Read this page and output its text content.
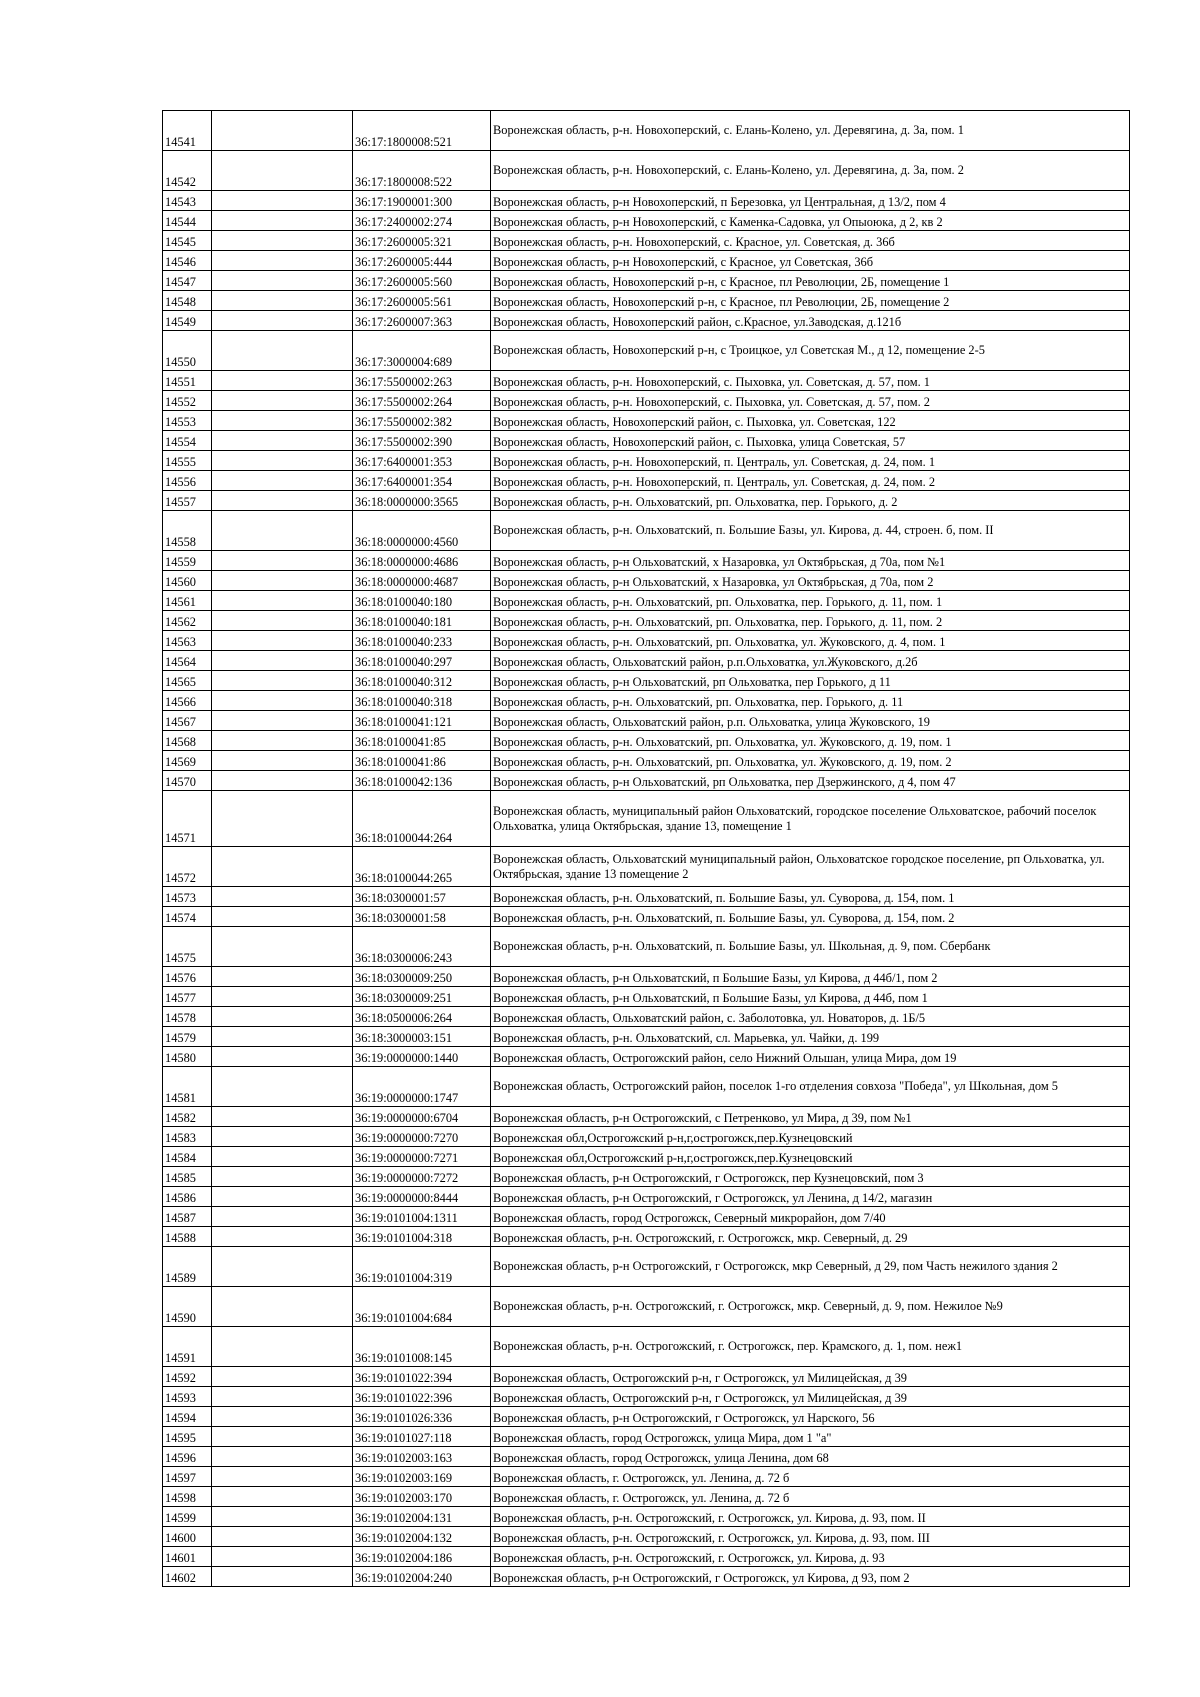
14541		36:17:1800008:521	Воронежская область, р-н. Новохоперский, с. Елань-Колено, ул. Деревягина, д. 3а, пом. 1
14542		36:17:1800008:522	Воронежская область, р-н. Новохоперский, с. Елань-Колено, ул. Деревягина, д. 3а, пом. 2
14543		36:17:1900001:300	Воронежская область, р-н Новохоперский, п Березовка, ул Центральная, д 13/2, пом 4
14544		36:17:2400002:274	Воронежская область, р-н Новохоперский, с Каменка-Садовка, ул Опыоюка, д 2, кв 2
14545		36:17:2600005:321	Воронежская область, р-н. Новохоперский, с. Красное, ул. Советская, д. 36б
14546		36:17:2600005:444	Воронежская область, р-н Новохоперский, с Красное, ул Советская, 36б
14547		36:17:2600005:560	Воронежская область, Новохоперский р-н, с Красное, пл Революции, 2Б, помещение 1
14548		36:17:2600005:561	Воронежская область, Новохоперский р-н, с Красное, пл Революции, 2Б, помещение 2
14549		36:17:2600007:363	Воронежская область, Новохоперский район, с.Красное, ул.Заводская, д.121б
14550		36:17:3000004:689	Воронежская область, Новохоперский р-н, с Троицкое, ул Советская М., д 12, помещение 2-5
14551		36:17:5500002:263	Воронежская область, р-н. Новохоперский, с. Пыховка, ул. Советская, д. 57, пом. 1
14552		36:17:5500002:264	Воронежская область, р-н. Новохоперский, с. Пыховка, ул. Советская, д. 57, пом. 2
14553		36:17:5500002:382	Воронежская область, Новохоперский район, с. Пыховка, ул. Советская, 122
14554		36:17:5500002:390	Воронежская область, Новохоперский район, с. Пыховка, улица Советская, 57
14555		36:17:6400001:353	Воронежская область, р-н. Новохоперский, п. Централь, ул. Советская, д. 24, пом. 1
14556		36:17:6400001:354	Воронежская область, р-н. Новохоперский, п. Централь, ул. Советская, д. 24, пом. 2
14557		36:18:0000000:3565	Воронежская область, р-н. Ольховатский, рп. Ольховатка, пер. Горького, д. 2
14558		36:18:0000000:4560	Воронежская область, р-н. Ольховатский, п. Большие Базы, ул. Кирова, д. 44, строен. б, пом. II
14559		36:18:0000000:4686	Воронежская область, р-н Ольховатский, х Назаровка, ул Октябрьская, д 70а, пом №1
14560		36:18:0000000:4687	Воронежская область, р-н Ольховатский, х Назаровка, ул Октябрьская, д 70а, пом 2
14561		36:18:0100040:180	Воронежская область, р-н. Ольховатский, рп. Ольховатка, пер. Горького, д. 11, пом. 1
14562		36:18:0100040:181	Воронежская область, р-н. Ольховатский, рп. Ольховатка, пер. Горького, д. 11, пом. 2
14563		36:18:0100040:233	Воронежская область, р-н. Ольховатский, рп. Ольховатка, ул. Жуковского, д. 4, пом. 1
14564		36:18:0100040:297	Воронежская область, Ольховатский район, р.п.Ольховатка, ул.Жуковского, д.2б
14565		36:18:0100040:312	Воронежская область, р-н Ольховатский, рп Ольховатка, пер Горького, д 11
14566		36:18:0100040:318	Воронежская область, р-н. Ольховатский, рп. Ольховатка, пер. Горького, д. 11
14567		36:18:0100041:121	Воронежская область, Ольховатский район, р.п. Ольховатка, улица Жуковского, 19
14568		36:18:0100041:85	Воронежская область, р-н. Ольховатский, рп. Ольховатка, ул. Жуковского, д. 19, пом. 1
14569		36:18:0100041:86	Воронежская область, р-н. Ольховатский, рп. Ольховатка, ул. Жуковского, д. 19, пом. 2
14570		36:18:0100042:136	Воронежская область, р-н Ольховатский, рп Ольховатка, пер Дзержинского, д 4, пом 47
14571		36:18:0100044:264	Воронежская область, муниципальный район Ольховатский, городское поселение Ольховатское, рабочий поселок Ольховатка, улица Октябрьская, здание 13, помещение 1
14572		36:18:0100044:265	Воронежская область, Ольховатский муниципальный район, Ольховатское городское поселение, рп Ольховатка, ул. Октябрьская, здание 13 помещение 2
14573		36:18:0300001:57	Воронежская область, р-н. Ольховатский, п. Большие Базы, ул. Суворова, д. 154, пом. 1
14574		36:18:0300001:58	Воронежская область, р-н. Ольховатский, п. Большие Базы, ул. Суворова, д. 154, пом. 2
14575		36:18:0300006:243	Воронежская область, р-н. Ольховатский, п. Большие Базы, ул. Школьная, д. 9, пом. Сбербанк
14576		36:18:0300009:250	Воронежская область, р-н Ольховатский, п Большие Базы, ул Кирова, д 44б/1, пом 2
14577		36:18:0300009:251	Воронежская область, р-н Ольховатский, п Большие Базы, ул Кирова, д 44б, пом 1
14578		36:18:0500006:264	Воронежская область, Ольховатский район, с. Заболотовка, ул. Новаторов, д. 1Б/5
14579		36:18:3000003:151	Воронежская область, р-н. Ольховатский, сл. Марьевка, ул. Чайки, д. 199
14580		36:19:0000000:1440	Воронежская область, Острогожский район, село Нижний Ольшан, улица Мира, дом 19
14581		36:19:0000000:1747	Воронежская область, Острогожский район, поселок 1-го отделения совхоза "Победа", ул Школьная, дом 5
14582		36:19:0000000:6704	Воронежская область, р-н Острогожский, с Петренково, ул Мира, д 39, пом №1
14583		36:19:0000000:7270	Воронежская обл,Острогожский р-н,г,острогожск,пер.Кузнецовский
14584		36:19:0000000:7271	Воронежская обл,Острогожский р-н,г,острогожск,пер.Кузнецовский
14585		36:19:0000000:7272	Воронежская область, р-н Острогожский, г Острогожск, пер Кузнецовский, пом 3
14586		36:19:0000000:8444	Воронежская область, р-н Острогожский, г Острогожск, ул Ленина, д 14/2, магазин
14587		36:19:0101004:1311	Воронежская область, город Острогожск, Северный микрорайон, дом 7/40
14588		36:19:0101004:318	Воронежская область, р-н. Острогожский, г. Острогожск, мкр. Северный, д. 29
14589		36:19:0101004:319	Воронежская область, р-н Острогожский, г Острогожск, мкр Северный, д 29, пом Часть нежилого здания 2
14590		36:19:0101004:684	Воронежская область, р-н. Острогожский, г. Острогожск, мкр. Северный, д. 9, пом. Нежилое №9
14591		36:19:0101008:145	Воронежская область, р-н. Острогожский, г. Острогожск, пер. Крамского, д. 1, пом. неж1
14592		36:19:0101022:394	Воронежская область, Острогожский р-н, г Острогожск, ул Милицейская, д 39
14593		36:19:0101022:396	Воронежская область, Острогожский р-н, г Острогожск, ул Милицейская, д 39
14594		36:19:0101026:336	Воронежская область, р-н Острогожский, г Острогожск, ул Нарского, 56
14595		36:19:0101027:118	Воронежская область, город Острогожск, улица Мира, дом 1 "а"
14596		36:19:0102003:163	Воронежская область, город Острогожск, улица Ленина, дом 68
14597		36:19:0102003:169	Воронежская область, г. Острогожск, ул. Ленина, д. 72 б
14598		36:19:0102003:170	Воронежская область, г. Острогожск, ул. Ленина, д. 72 б
14599		36:19:0102004:131	Воронежская область, р-н. Острогожский, г. Острогожск, ул. Кирова, д. 93, пом. II
14600		36:19:0102004:132	Воронежская область, р-н. Острогожский, г. Острогожск, ул. Кирова, д. 93, пом. III
14601		36:19:0102004:186	Воронежская область, р-н. Острогожский, г. Острогожск, ул. Кирова, д. 93
14602		36:19:0102004:240	Воронежская область, р-н Острогожский, г Острогожск, ул Кирова, д 93, пом 2
